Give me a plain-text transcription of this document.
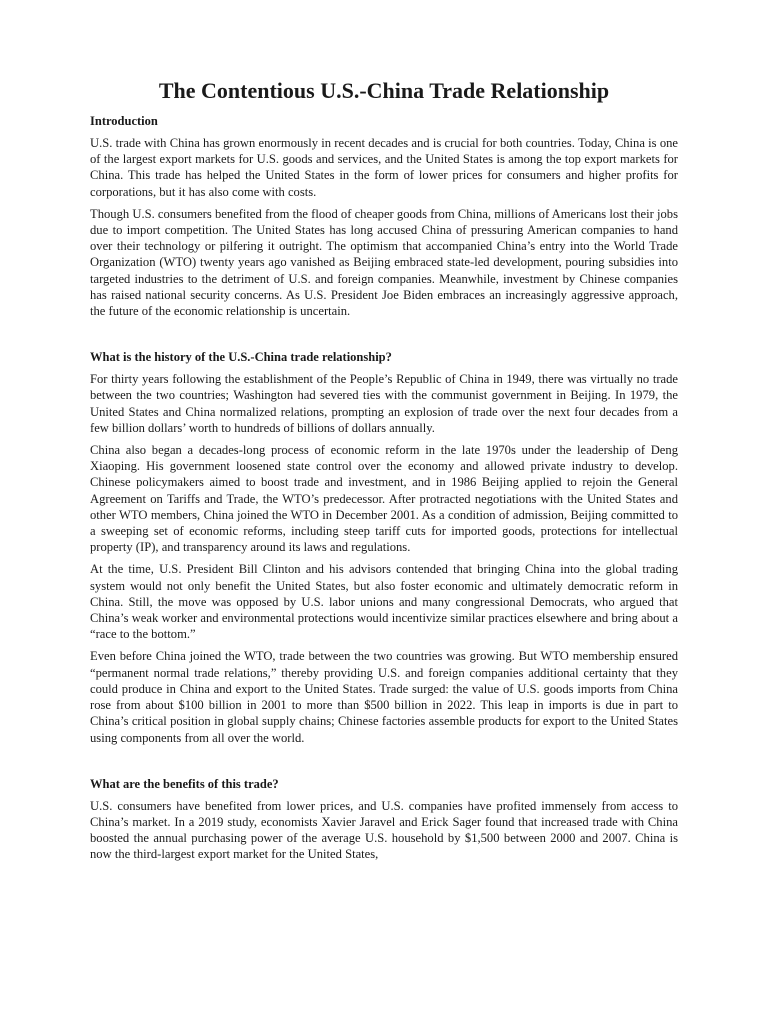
The Contentious U.S.-China Trade Relationship
Introduction

U.S. trade with China has grown enormously in recent decades and is crucial for both countries. Today, China is one of the largest export markets for U.S. goods and services, and the United States is among the top export markets for China. This trade has helped the United States in the form of lower prices for consumers and higher profits for corporations, but it has also come with costs.

Though U.S. consumers benefited from the flood of cheaper goods from China, millions of Americans lost their jobs due to import competition. The United States has long accused China of pressuring American companies to hand over their technology or pilfering it outright. The optimism that accompanied China’s entry into the World Trade Organization (WTO) twenty years ago vanished as Beijing embraced state-led development, pouring subsidies into targeted industries to the detriment of U.S. and foreign companies. Meanwhile, investment by Chinese companies has raised national security concerns. As U.S. President Joe Biden embraces an increasingly aggressive approach, the future of the economic relationship is uncertain.

What is the history of the U.S.-China trade relationship?

For thirty years following the establishment of the People’s Republic of China in 1949, there was virtually no trade between the two countries; Washington had severed ties with the communist government in Beijing. In 1979, the United States and China normalized relations, prompting an explosion of trade over the next four decades from a few billion dollars’ worth to hundreds of billions of dollars annually.

China also began a decades-long process of economic reform in the late 1970s under the leadership of Deng Xiaoping. His government loosened state control over the economy and allowed private industry to develop. Chinese policymakers aimed to boost trade and investment, and in 1986 Beijing applied to rejoin the General Agreement on Tariffs and Trade, the WTO’s predecessor. After protracted negotiations with the United States and other WTO members, China joined the WTO in December 2001. As a condition of admission, Beijing committed to a sweeping set of economic reforms, including steep tariff cuts for imported goods, protections for intellectual property (IP), and transparency around its laws and regulations.

At the time, U.S. President Bill Clinton and his advisors contended that bringing China into the global trading system would not only benefit the United States, but also foster economic and ultimately democratic reform in China. Still, the move was opposed by U.S. labor unions and many congressional Democrats, who argued that China’s weak worker and environmental protections would incentivize similar practices elsewhere and bring about a “race to the bottom.”

Even before China joined the WTO, trade between the two countries was growing. But WTO membership ensured “permanent normal trade relations,” thereby providing U.S. and foreign companies additional certainty that they could produce in China and export to the United States. Trade surged: the value of U.S. goods imports from China rose from about $100 billion in 2001 to more than $500 billion in 2022. This leap in imports is due in part to China’s critical position in global supply chains; Chinese factories assemble products for export to the United States using components from all over the world.

What are the benefits of this trade?

U.S. consumers have benefited from lower prices, and U.S. companies have profited immensely from access to China’s market. In a 2019 study, economists Xavier Jaravel and Erick Sager found that increased trade with China boosted the annual purchasing power of the average U.S. household by $1,500 between 2000 and 2007. China is now the third-largest export market for the United States,
